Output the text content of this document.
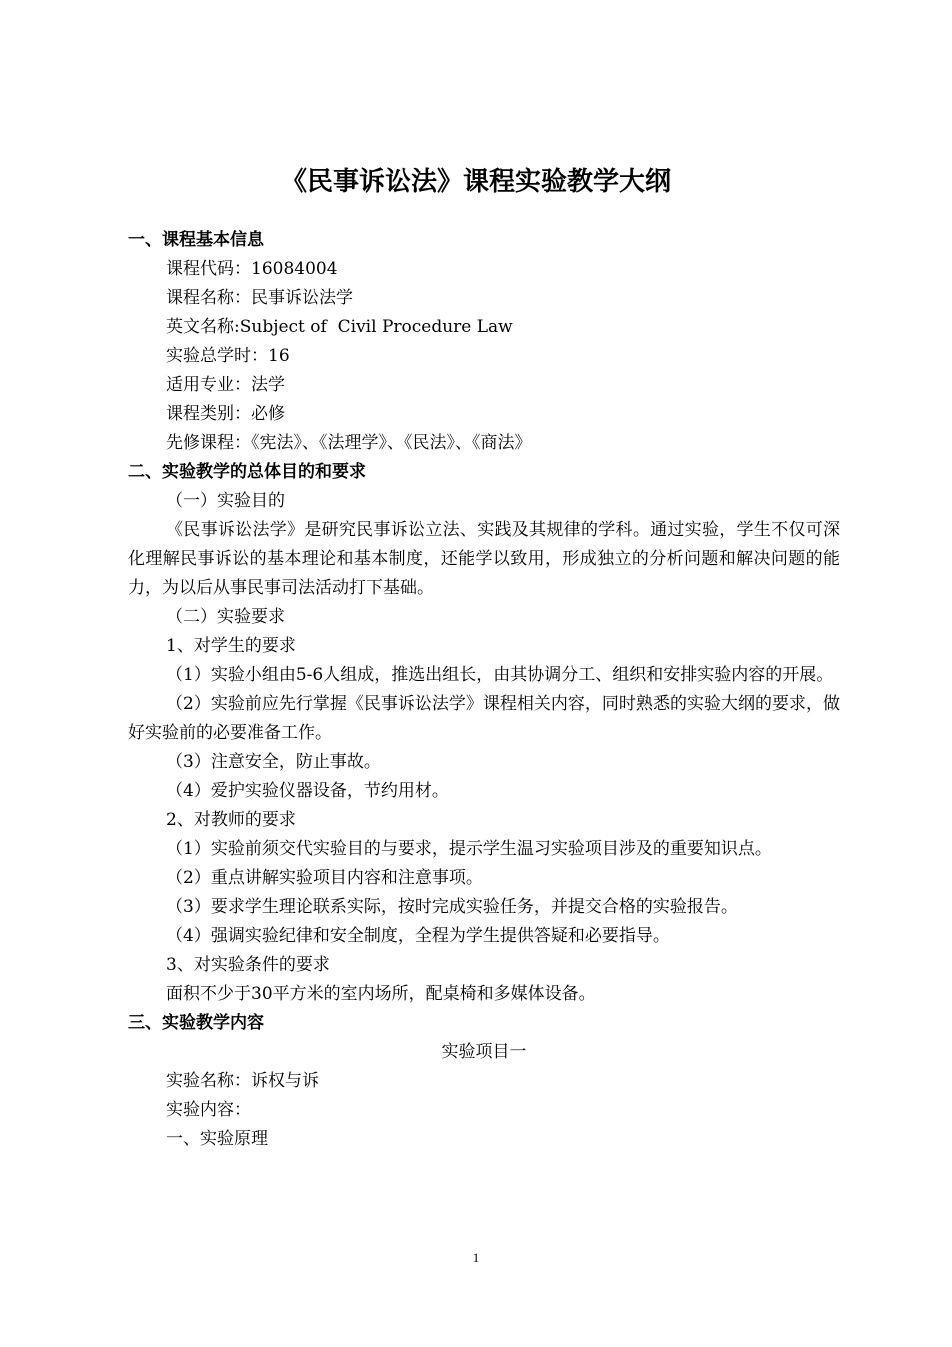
《民事诉讼法》课程实验教学大纲
一、课程基本信息
课程代码：16084004
课程名称：民事诉讼法学
英文名称:Subject of  Civil Procedure Law
实验总学时：16
适用专业：法学
课程类别：必修
先修课程：《宪法》、《法理学》、《民法》、《商法》
二、实验教学的总体目的和要求
（一）实验目的

《民事诉讼法学》是研究民事诉讼立法、实践及其规律的学科。通过实验，学生不仅可深化理解民事诉讼的基本理论和基本制度，还能学以致用，形成独立的分析问题和解决问题的能力，为以后从事民事司法活动打下基础。

（二）实验要求
1、对学生的要求

（1）实验小组由5-6人组成，推选出组长，由其协调分工、组织和安排实验内容的开展。

（2）实验前应先行掌握《民事诉讼法学》课程相关内容，同时熟悉的实验大纲的要求，做好实验前的必要准备工作。

（3）注意安全，防止事故。

（4）爱护实验仪器设备，节约用材。

2、对教师的要求
（1）实验前须交代实验目的与要求，提示学生温习实验项目涉及的重要知识点。
（2）重点讲解实验项目内容和注意事项。
（3）要求学生理论联系实际，按时完成实验任务，并提交合格的实验报告。
（4）强调实验纪律和安全制度，全程为学生提供答疑和必要指导。
3、对实验条件的要求
面积不少于30平方米的室内场所，配桌椅和多媒体设备。
三、实验教学内容
实验项目一
实验名称：诉权与诉
实验内容：
一、实验原理
1
